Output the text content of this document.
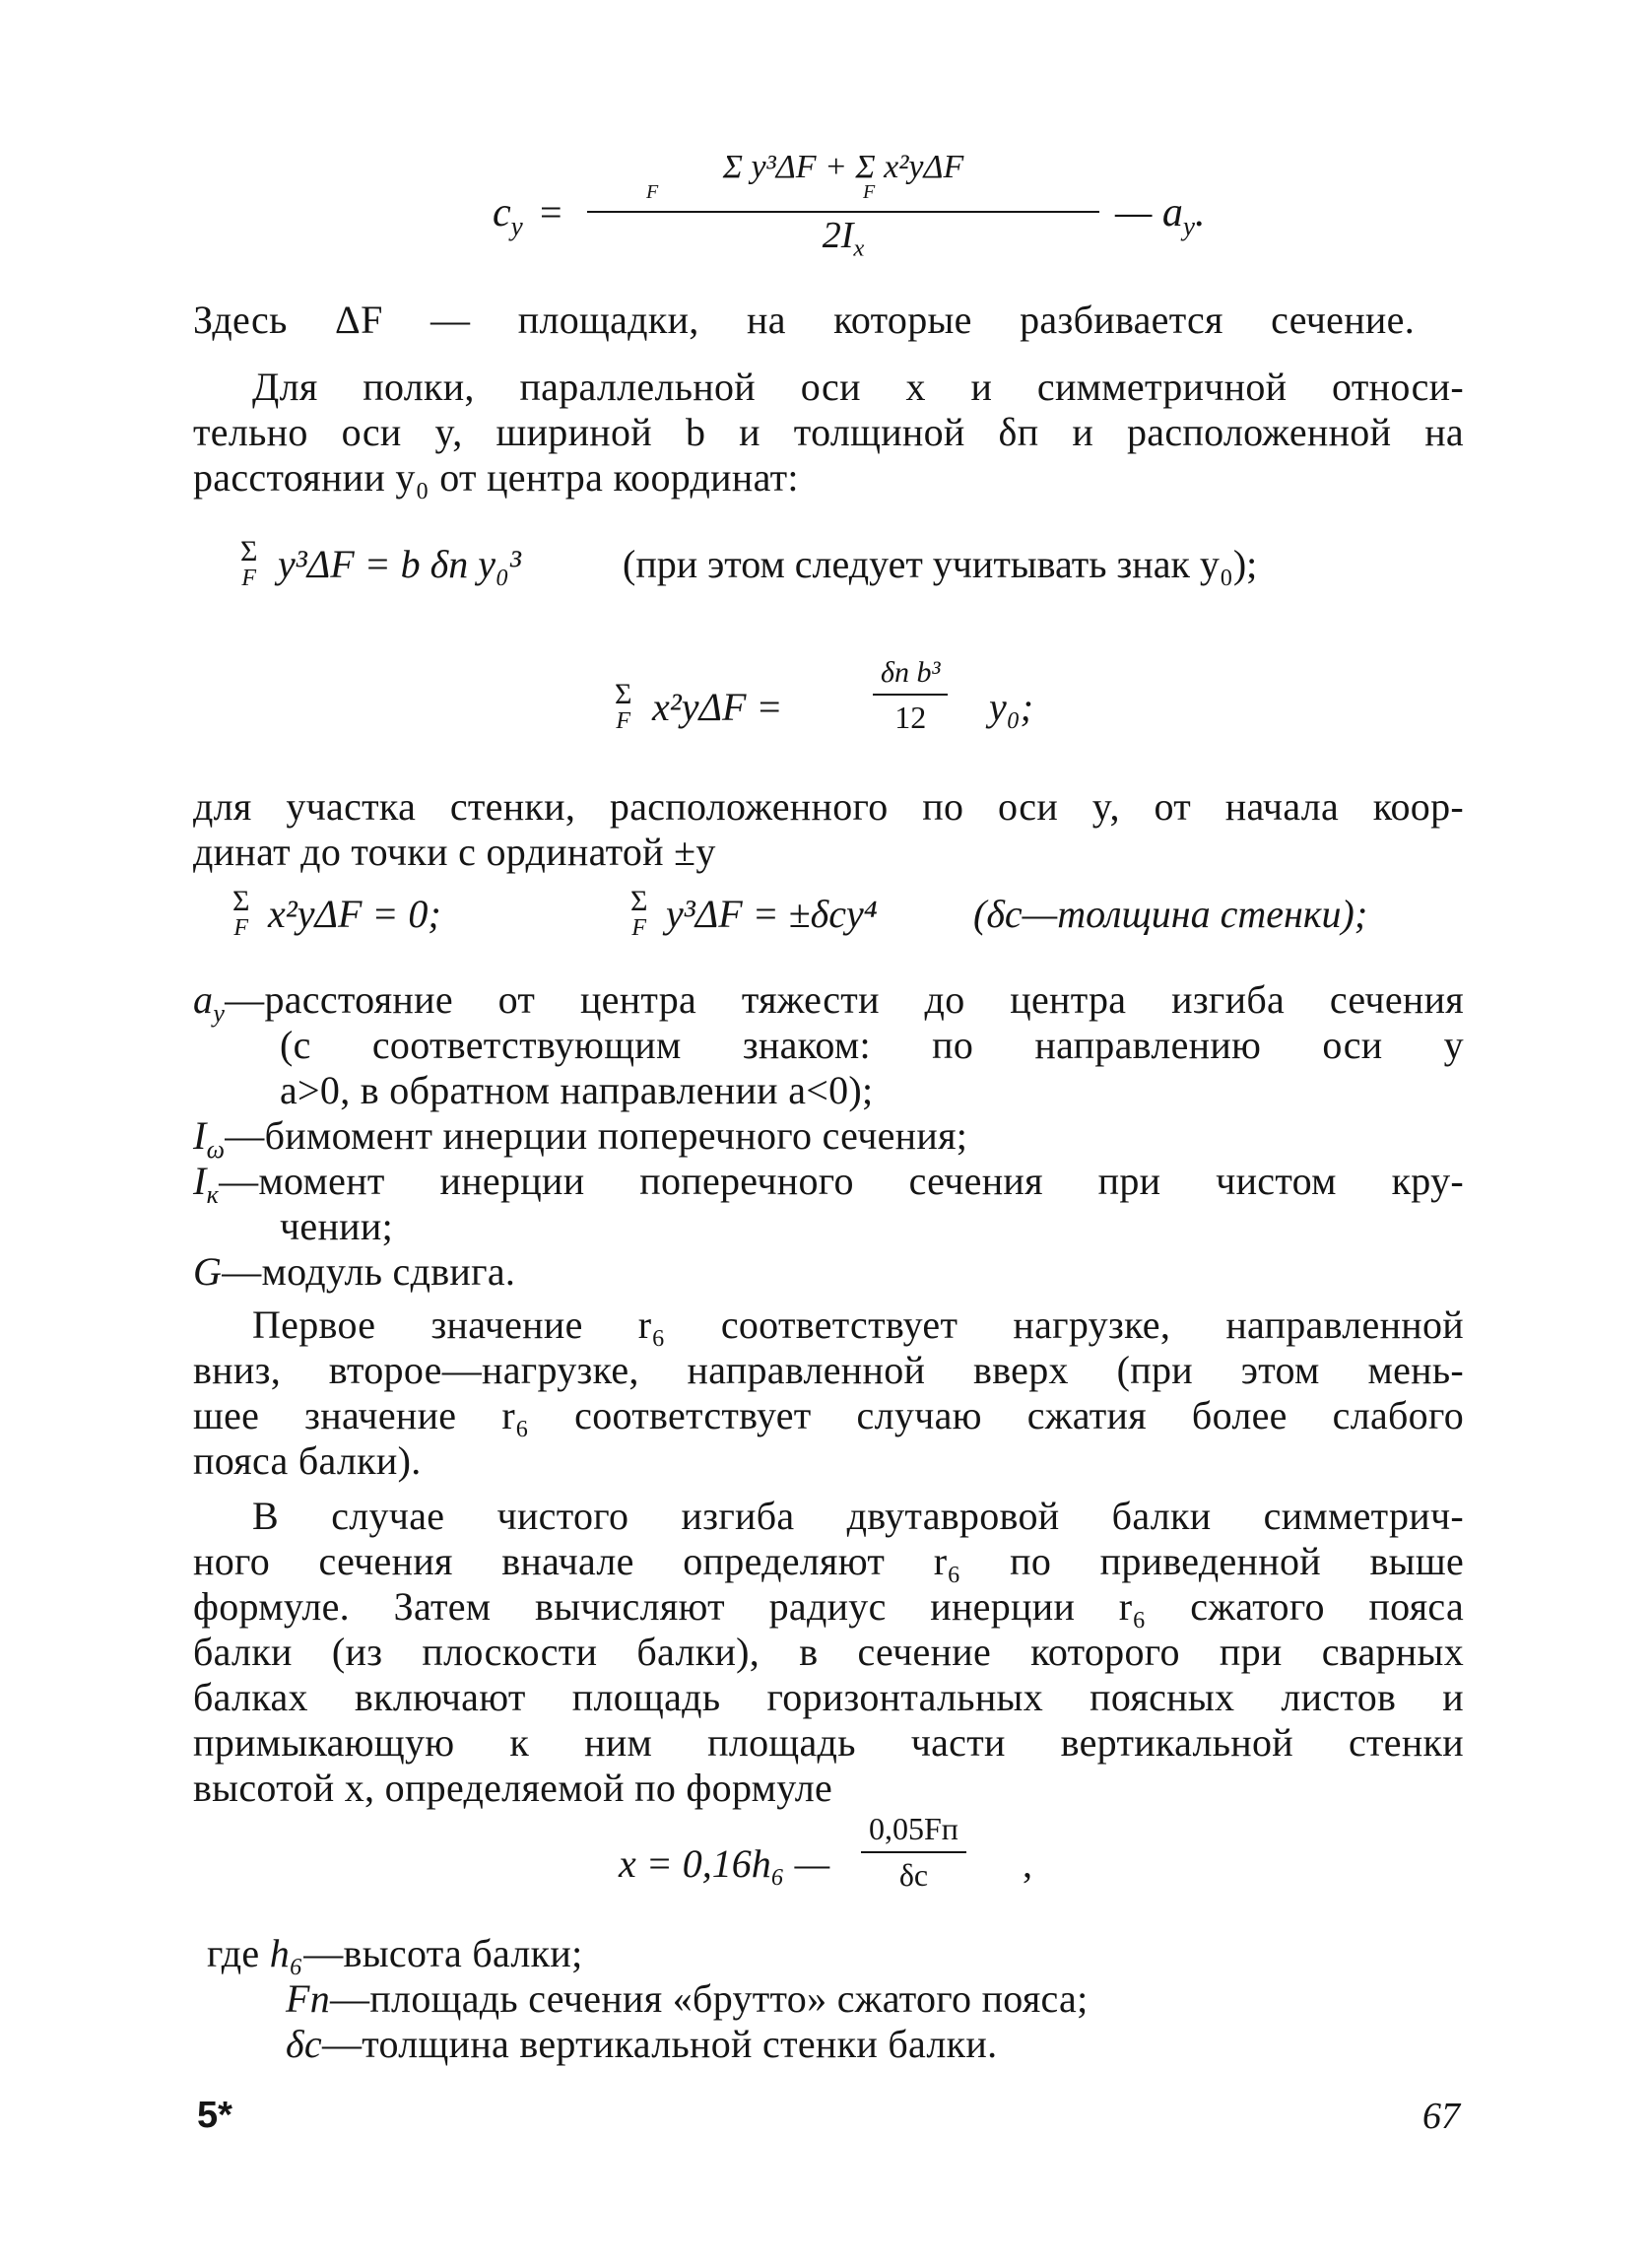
$c_y$ =
Σ y³ΔF + Σ x²yΔF
F	F
$2I_x$
— $a_y$.
Здесь ΔF — площадки, на которые разбивается сечение.
Для полки, параллельной оси x и симметричной относи-
тельно оси y, шириной b и толщиной δп и расположенной на
расстоянии y₀ от центра координат:
Σ
F y³ΔF = b δп y₀³	(при этом следует учитывать знак y₀);
Σ
F x²yΔF =
δп b³
12 y₀;
для участка стенки, расположенного по оси y, от начала коор-
динат до точки с ординатой ±y
Σ
F x²yΔF = 0;	Σ
F y³ΔF = ±δсy⁴ (δс—толщина стенки);
$a_y—расстояние$ от центра тяжести до центра изгиба сечения
(с соответствующим знаком: по направлению оси y
a>0, в обратном направлении a<0);
$I_\omega—бимомент$ инерции поперечного сечения;
$I_к—момент$ инерции поперечного сечения при чистом кру-
чении;
G—модуль сдвига.
Первое значение r₆ соответствует нагрузке, направленной
вниз, второе—нагрузке, направленной вверх (при этом мень-
шее значение r₆ соответствует случаю сжатия более слабого
пояса балки).
В случае чистого изгиба двутавровой балки симметрич-
ного сечения вначале определяют r₆ по приведенной выше
формуле. Затем вычисляют радиус инерции r₆ сжатого пояса
балки (из плоскости балки), в сечение которого при сварных
балках включают площадь горизонтальных поясных листов и
примыкающую к ним площадь части вертикальной стенки
высотой x, определяемой по формуле
x = 0,16h₆ —
0,05Fп
δс ,
где h₆—высота балки;
Fп—площадь сечения «брутто» сжатого пояса;
δс—толщина вертикальной стенки балки.
5*	67
